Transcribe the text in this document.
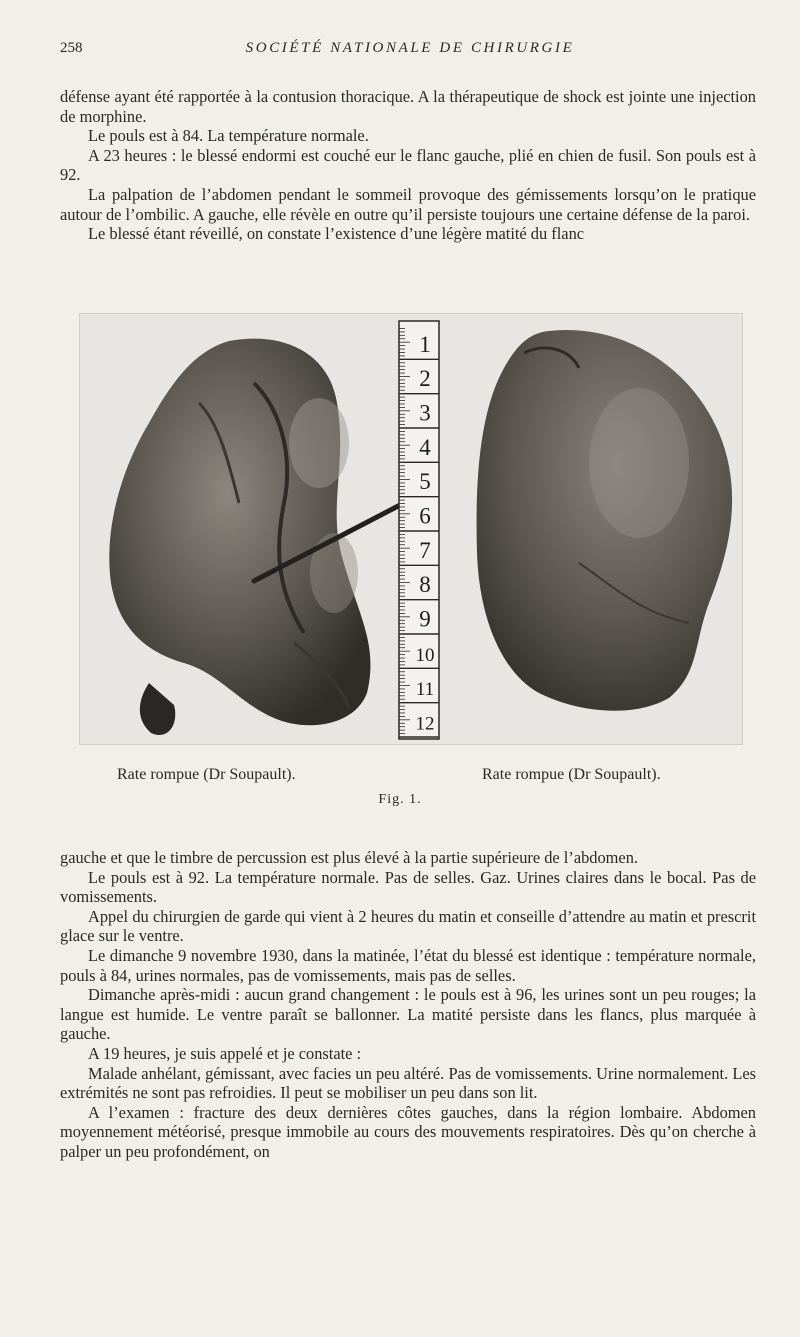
258	SOCIÉTÉ NATIONALE DE CHIRURGIE

défense ayant été rapportée à la contusion thoracique. A la thérapeutique de shock est jointe une injection de morphine.

Le pouls est à 84. La température normale.

A 23 heures : le blessé endormi est couché eur le flanc gauche, plié en chien de fusil. Son pouls est à 92.

La palpation de l’abdomen pendant le sommeil provoque des gémissements lorsqu’on le pratique autour de l’ombilic. A gauche, elle révèle en outre qu’il persiste toujours une certaine défense de la paroi.

Le blessé étant réveillé, on constate l’existence d’une légère matité du flanc

1
2
3
4
5
6
7
8
9
10
11
12
Rate rompue (Dr Soupault).	Rate rompue (Dr Soupault).
Fig. 1.

gauche et que le timbre de percussion est plus élevé à la partie supérieure de l’abdomen.

Le pouls est à 92. La température normale. Pas de selles. Gaz. Urines claires dans le bocal. Pas de vomissements.

Appel du chirurgien de garde qui vient à 2 heures du matin et conseille d’attendre au matin et prescrit glace sur le ventre.

Le dimanche 9 novembre 1930, dans la matinée, l’état du blessé est identique : température normale, pouls à 84, urines normales, pas de vomissements, mais pas de selles.

Dimanche après-midi : aucun grand changement : le pouls est à 96, les urines sont un peu rouges; la langue est humide. Le ventre paraît se ballonner. La matité persiste dans les flancs, plus marquée à gauche.

A 19 heures, je suis appelé et je constate :

Malade anhélant, gémissant, avec facies un peu altéré. Pas de vomissements. Urine normalement. Les extrémités ne sont pas refroidies. Il peut se mobiliser un peu dans son lit.

A l’examen : fracture des deux dernières côtes gauches, dans la région lombaire. Abdomen moyennement météorisé, presque immobile au cours des mouvements respiratoires. Dès qu’on cherche à palper un peu profondément, on
